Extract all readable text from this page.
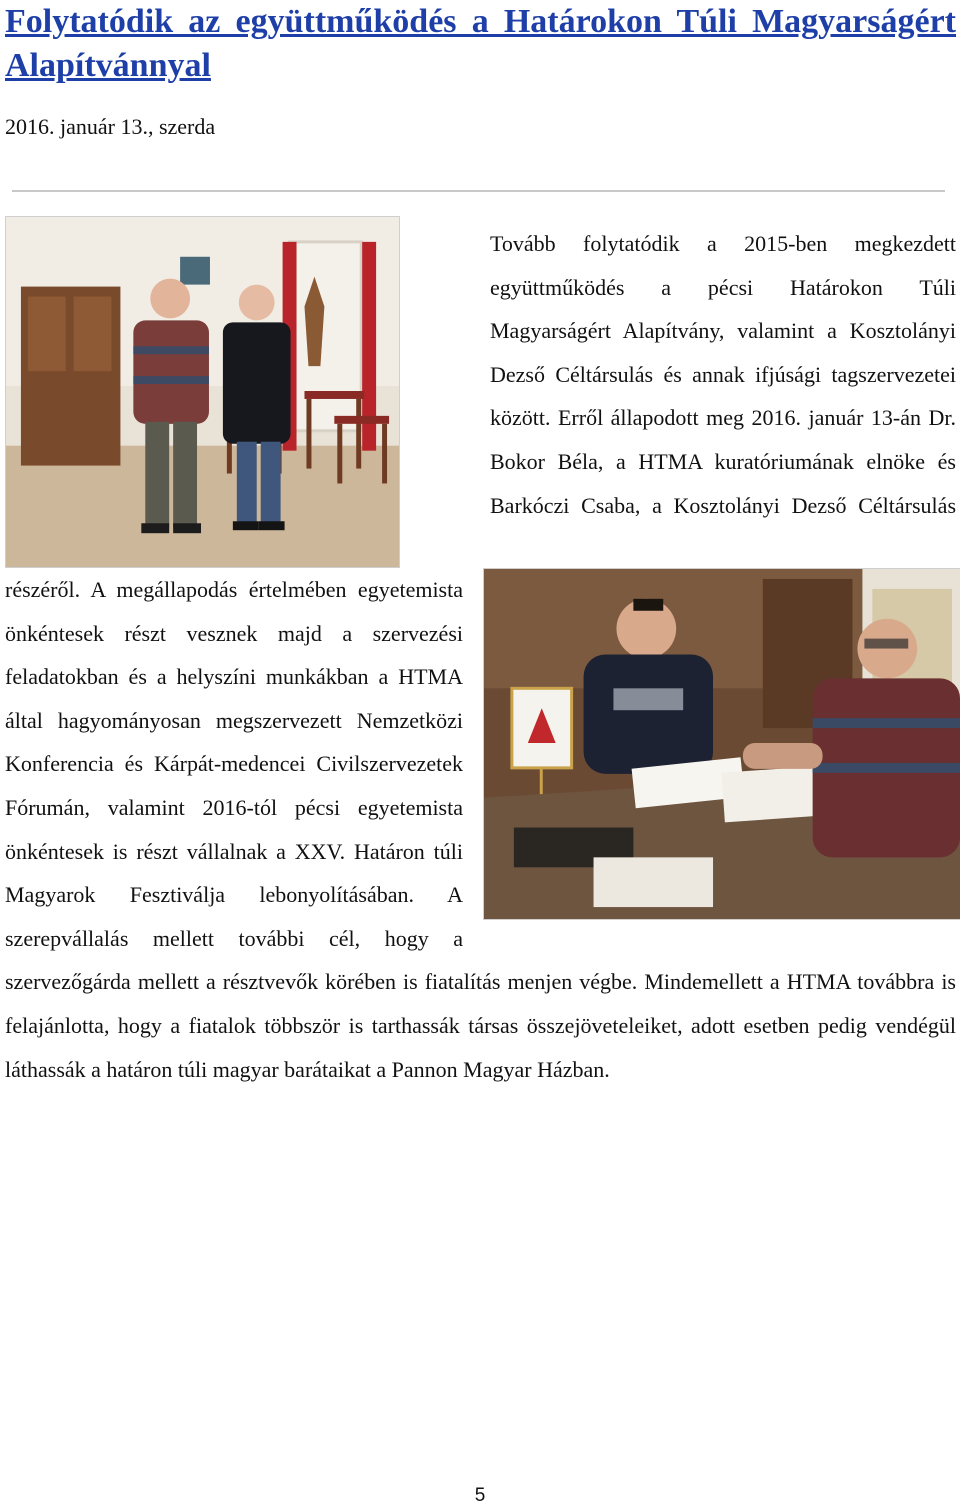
Folytatódik az együttműködés a Határokon Túli Magyarságért Alapítvánnyal

2016. január 13., szerda

Tovább folytatódik a 2015-ben megkezdett együttműködés a pécsi Határokon Túli Magyarságért Alapítvány, valamint a Kosztolányi Dezső Céltársulás és annak ifjúsági tagszervezetei között. Erről állapodott meg 2016. január 13-án Dr. Bokor Béla, a HTMA kuratóriumának elnöke és Barkóczi Csaba, a Kosztolányi Dezső Céltársulás részéről. A megállapodás értelmében egyetemista önkéntesek részt vesznek majd a szervezési feladatokban és a helyszíni munkákban a HTMA által hagyományosan megszervezett Nemzetközi Konferencia és Kárpát-medencei Civilszervezetek Fórumán, valamint 2016-tól pécsi egyetemista önkéntesek is részt vállalnak a XXV. Határon túli Magyarok Fesztiválja lebonyolításában. A szerepvállalás mellett további cél, hogy a szervezőgárda mellett a résztvevők körében is fiatalítás menjen végbe. Mindemellett a HTMA továbbra is felajánlotta, hogy a fiatalok többször is tarthassák társas összejöveteleiket, adott esetben pedig vendégül láthassák a határon túli magyar barátaikat a Pannon Magyar Házban.
5
